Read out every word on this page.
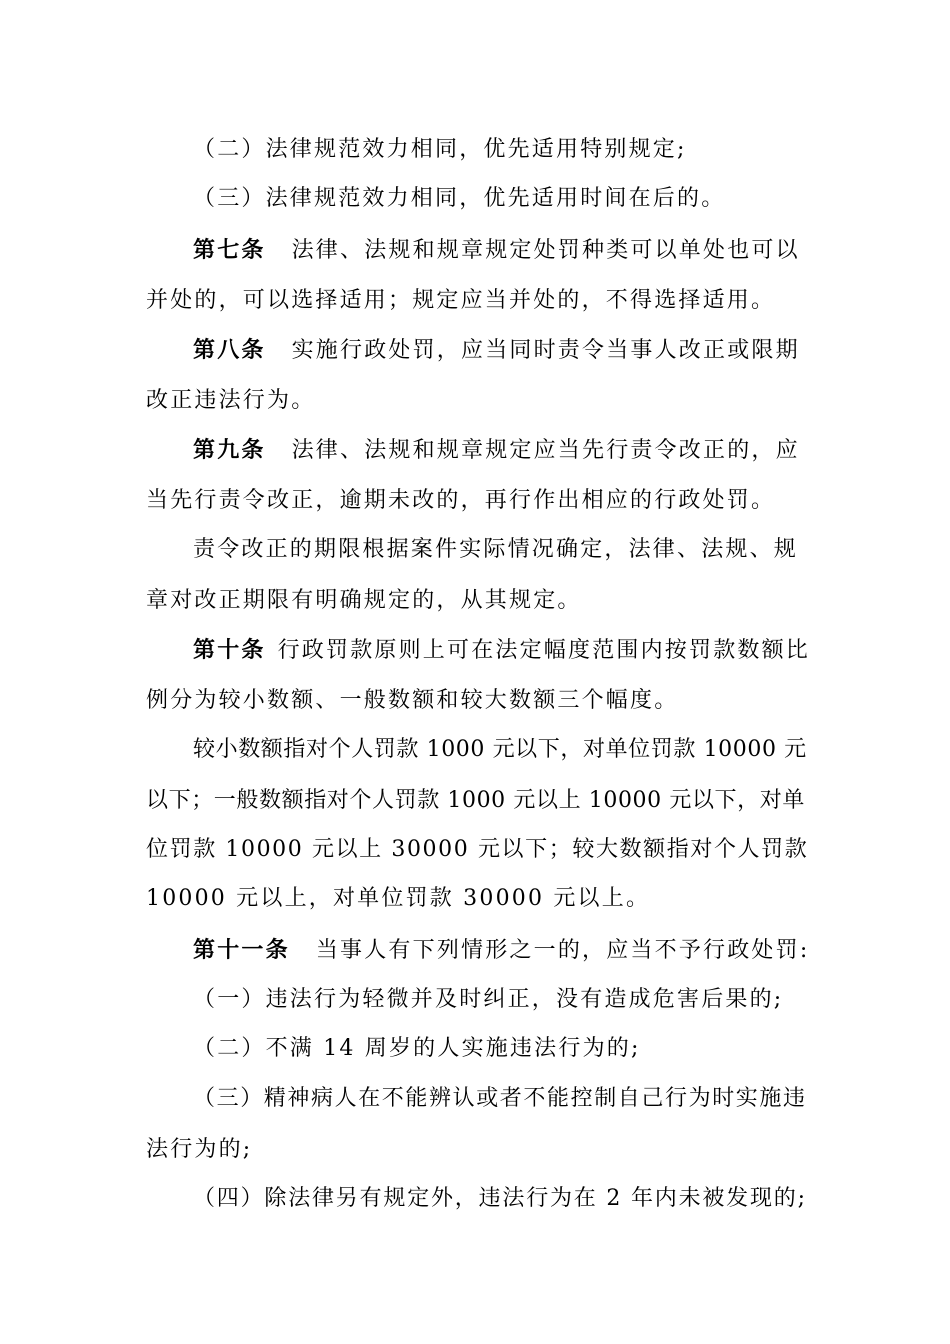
（二）法律规范效力相同，优先适用特别规定;
（三）法律规范效力相同，优先适用时间在后的。
第七条 法律、法规和规章规定处罚种类可以单处也可以
并处的，可以选择适用；规定应当并处的，不得选择适用。
第八条 实施行政处罚，应当同时责令当事人改正或限期
改正违法行为。
第九条 法律、法规和规章规定应当先行责令改正的，应
当先行责令改正，逾期未改的，再行作出相应的行政处罚。
责令改正的期限根据案件实际情况确定，法律、法规、规
章对改正期限有明确规定的，从其规定。
第十条 行政罚款原则上可在法定幅度范围内按罚款数额比
例分为较小数额、一般数额和较大数额三个幅度。
较小数额指对个人罚款 1000 元以下，对单位罚款 10000 元
以下；一般数额指对个人罚款 1000 元以上 10000 元以下，对单
位罚款 10000 元以上 30000 元以下；较大数额指对个人罚款
10000 元以上，对单位罚款 30000 元以上。
第十一条 当事人有下列情形之一的，应当不予行政处罚:
（一）违法行为轻微并及时纠正，没有造成危害后果的;
（二）不满 14 周岁的人实施违法行为的;
（三）精神病人在不能辨认或者不能控制自己行为时实施违
法行为的;
（四）除法律另有规定外，违法行为在 2 年内未被发现的;
